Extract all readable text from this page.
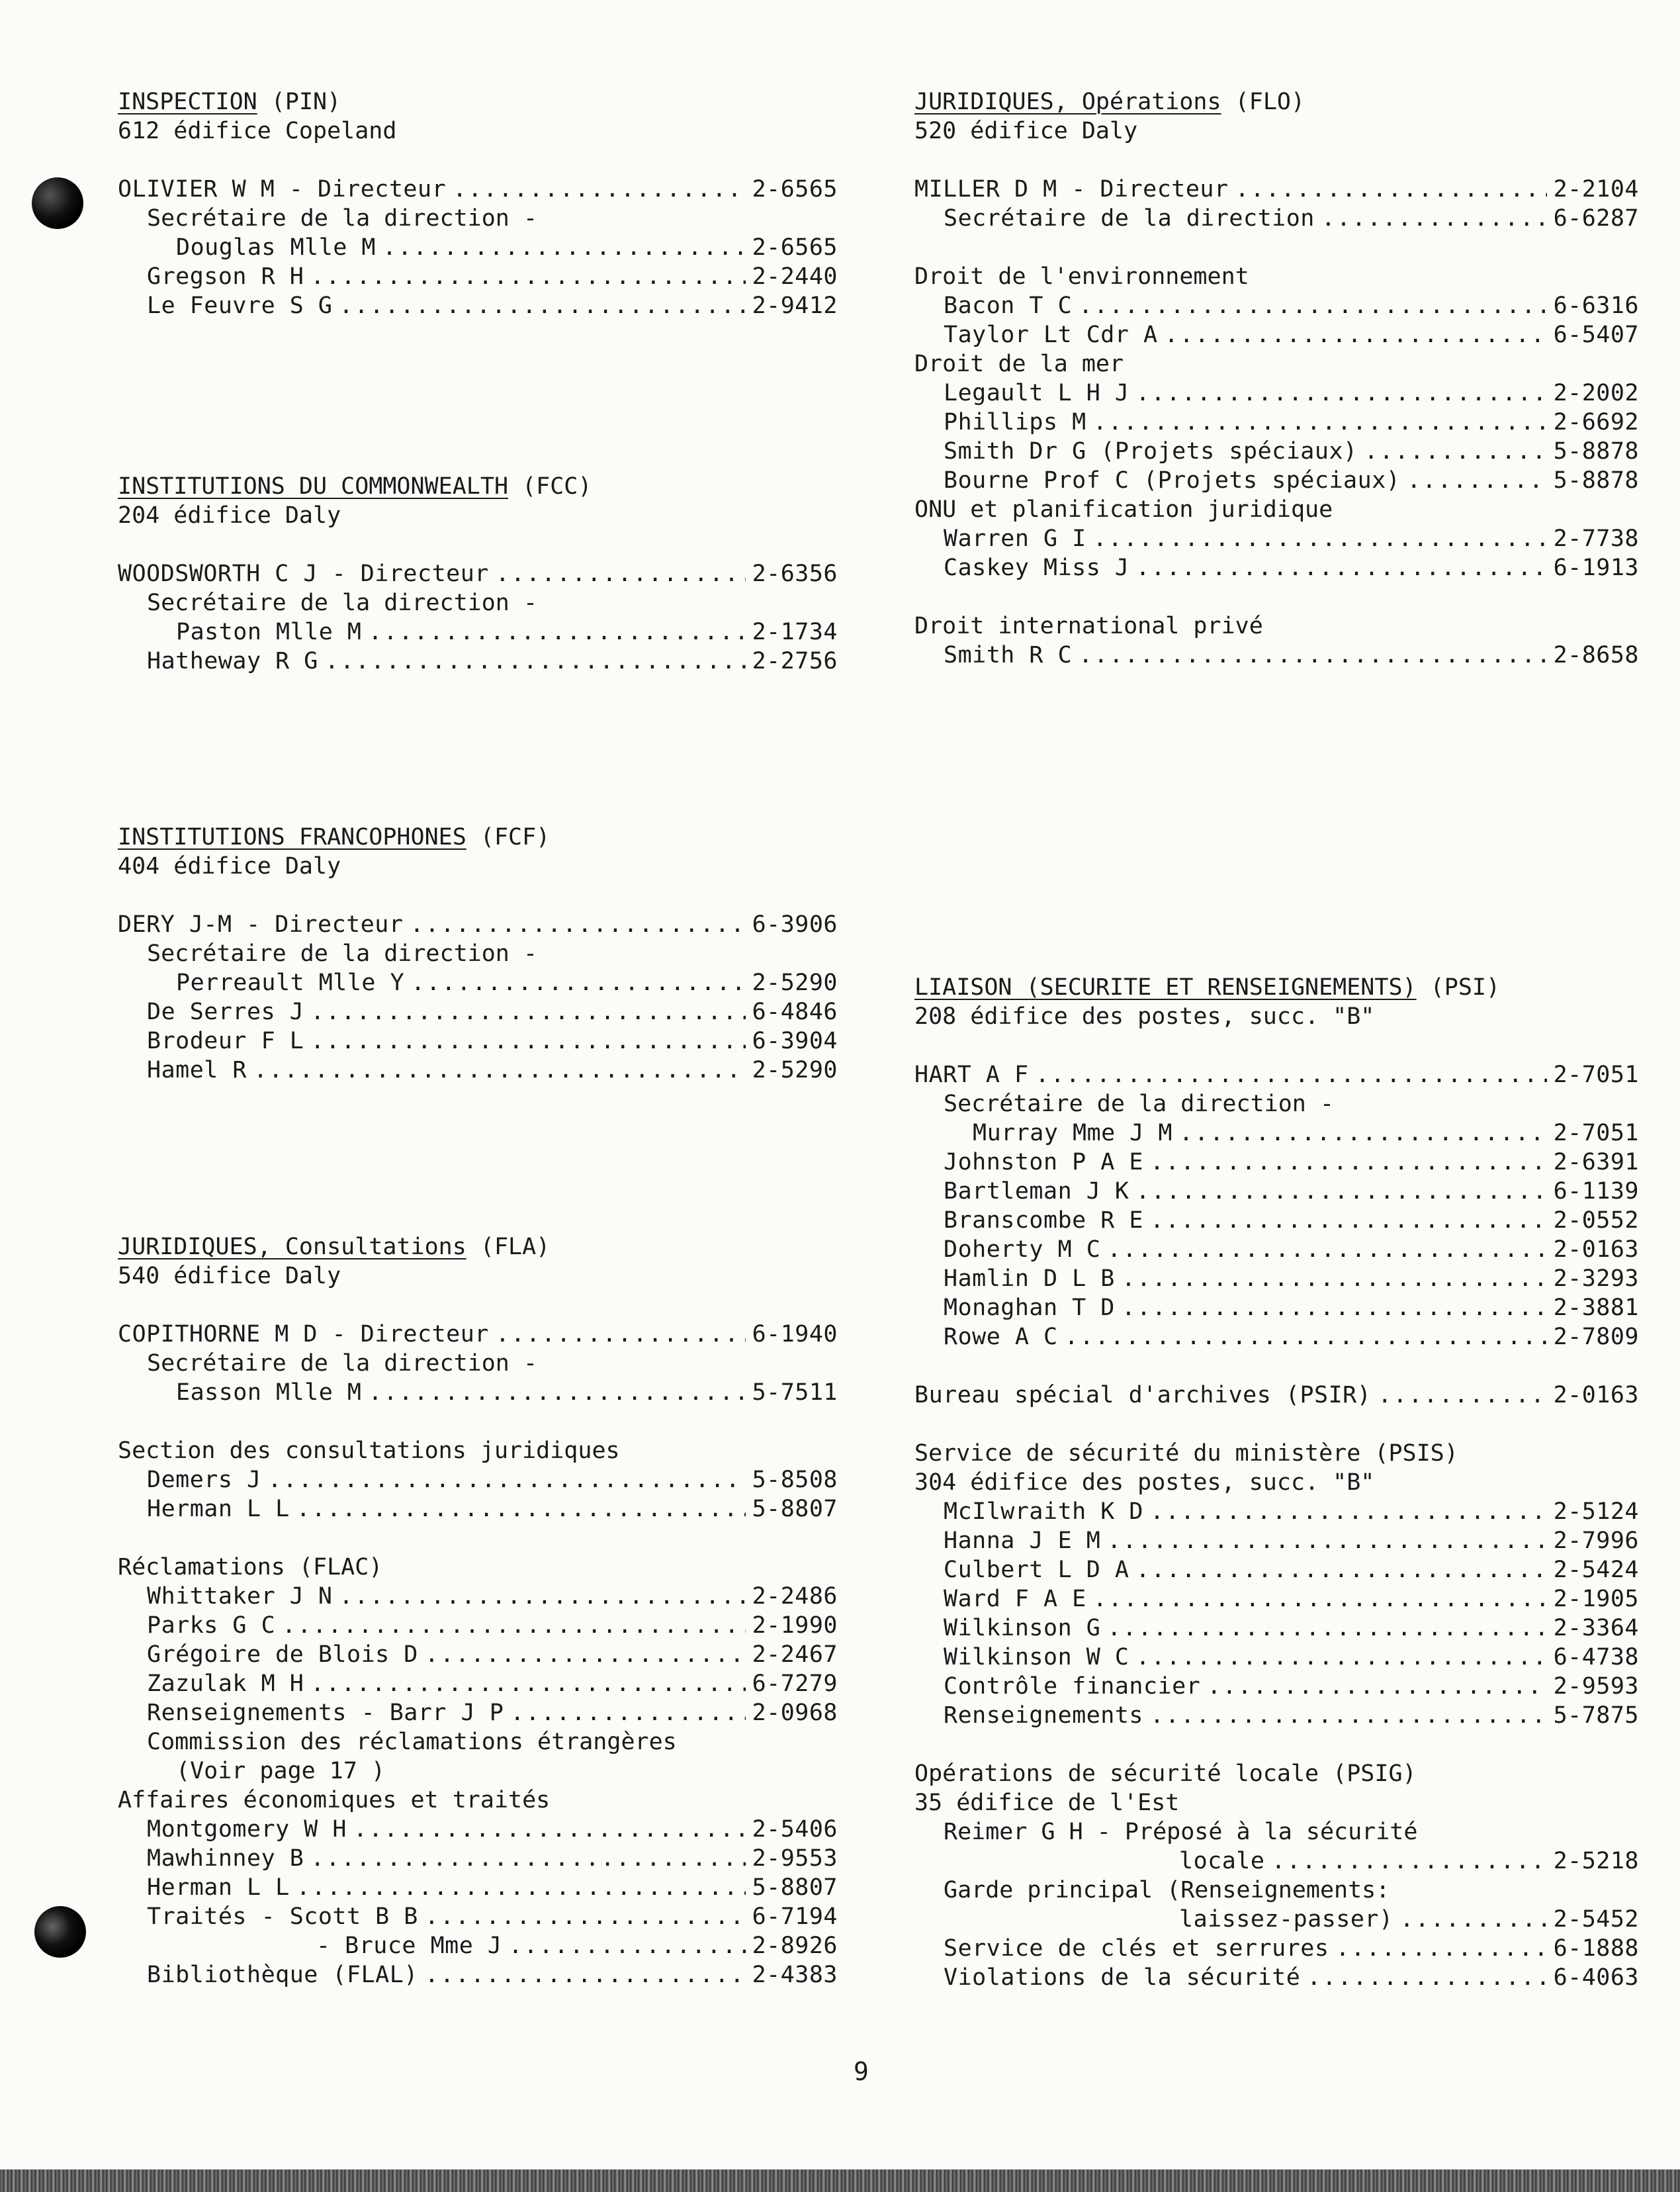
INSPECTION (PIN)
612 édifice Copeland
OLIVIER W M - Directeur .....	2-6565
Secrétaire de la direction -
Douglas Mlle M .....	2-6565
Gregson R H .....	2-2440
Le Feuvre S G .....	2-9412
INSTITUTIONS DU COMMONWEALTH (FCC)
204 édifice Daly
WOODSWORTH C J - Directeur .....	2-6356
Secrétaire de la direction -
Paston Mlle M .....	2-1734
Hatheway R G .....	2-2756
INSTITUTIONS FRANCOPHONES (FCF)
404 édifice Daly
DERY J-M - Directeur .....	6-3906
Secrétaire de la direction -
Perreault Mlle Y .....	2-5290
De Serres J .....	6-4846
Brodeur F L .....	6-3904
Hamel R .....	2-5290
JURIDIQUES, Consultations (FLA)
540 édifice Daly
COPITHORNE M D - Directeur .....	6-1940
Secrétaire de la direction -
Easson Mlle M .....	5-7511
Section des consultations juridiques
Demers J .....	5-8508
Herman L L .....	5-8807
Réclamations (FLAC)
Whittaker J N .....	2-2486
Parks G C .....	2-1990
Grégoire de Blois D .....	2-2467
Zazulak M H .....	6-7279
Renseignements - Barr J P .....	2-0968
Commission des réclamations étrangères
(Voir page 17 )
Affaires économiques et traités
Montgomery W H .....	2-5406
Mawhinney B .....	2-9553
Herman L L .....	5-8807
Traités - Scott B B .....	6-7194
- Bruce Mme J .....	2-8926
Bibliothèque (FLAL) .....	2-4383
JURIDIQUES, Opérations (FLO)
520 édifice Daly
MILLER D M - Directeur .....	2-2104
Secrétaire de la direction .....	6-6287
Droit de l'environnement
Bacon T C .....	6-6316
Taylor Lt Cdr A .....	6-5407
Droit de la mer
Legault L H J .....	2-2002
Phillips M .....	2-6692
Smith Dr G (Projets spéciaux) .....	5-8878
Bourne Prof C (Projets spéciaux) .....	5-8878
ONU et planification juridique
Warren G I .....	2-7738
Caskey Miss J .....	6-1913
Droit international privé
Smith R C .....	2-8658
LIAISON (SECURITE ET RENSEIGNEMENTS) (PSI)
208 édifice des postes, succ. "B"
HART A F .....	2-7051
Secrétaire de la direction -
Murray Mme J M .....	2-7051
Johnston P A E .....	2-6391
Bartleman J K .....	6-1139
Branscombe R E .....	2-0552
Doherty M C .....	2-0163
Hamlin D L B .....	2-3293
Monaghan T D .....	2-3881
Rowe A C .....	2-7809
Bureau spécial d'archives (PSIR) .....	2-0163
Service de sécurité du ministère (PSIS)
304 édifice des postes, succ. "B"
McIlwraith K D .....	2-5124
Hanna J E M .....	2-7996
Culbert L D A .....	2-5424
Ward F A E .....	2-1905
Wilkinson G .....	2-3364
Wilkinson W C .....	6-4738
Contrôle financier .....	2-9593
Renseignements .....	5-7875
Opérations de sécurité locale (PSIG)
35 édifice de l'Est
Reimer G H - Préposé à la sécurité
locale .....	2-5218
Garde principal (Renseignements:
laissez-passer) .....	2-5452
Service de clés et serrures .....	6-1888
Violations de la sécurité .....	6-4063
9
